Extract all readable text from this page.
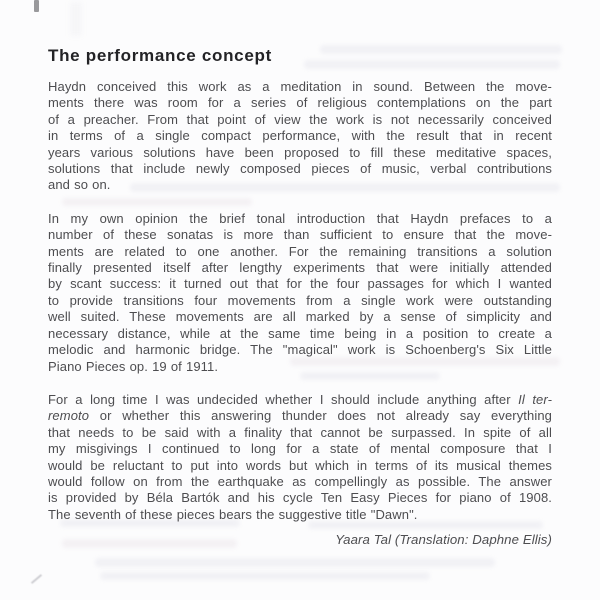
The performance concept
Haydn conceived this work as a meditation in sound. Between the move-
ments there was room for a series of religious contemplations on the part
of a preacher. From that point of view the work is not necessarily conceived
in terms of a single compact performance, with the result that in recent
years various solutions have been proposed to fill these meditative spaces,
solutions that include newly composed pieces of music, verbal contributions
and so on.
In my own opinion the brief tonal introduction that Haydn prefaces to a
number of these sonatas is more than sufficient to ensure that the move-
ments are related to one another. For the remaining transitions a solution
finally presented itself after lengthy experiments that were initially attended
by scant success: it turned out that for the four passages for which I wanted
to provide transitions four movements from a single work were outstanding
well suited. These movements are all marked by a sense of simplicity and
necessary distance, while at the same time being in a position to create a
melodic and harmonic bridge. The "magical" work is Schoenberg's Six Little
Piano Pieces op. 19 of 1911.
For a long time I was undecided whether I should include anything after Il ter-
remoto or whether this answering thunder does not already say everything
that needs to be said with a finality that cannot be surpassed. In spite of all
my misgivings I continued to long for a state of mental composure that I
would be reluctant to put into words but which in terms of its musical themes
would follow on from the earthquake as compellingly as possible. The answer
is provided by Béla Bartók and his cycle Ten Easy Pieces for piano of 1908.
The seventh of these pieces bears the suggestive title "Dawn".

Yaara Tal (Translation: Daphne Ellis)
